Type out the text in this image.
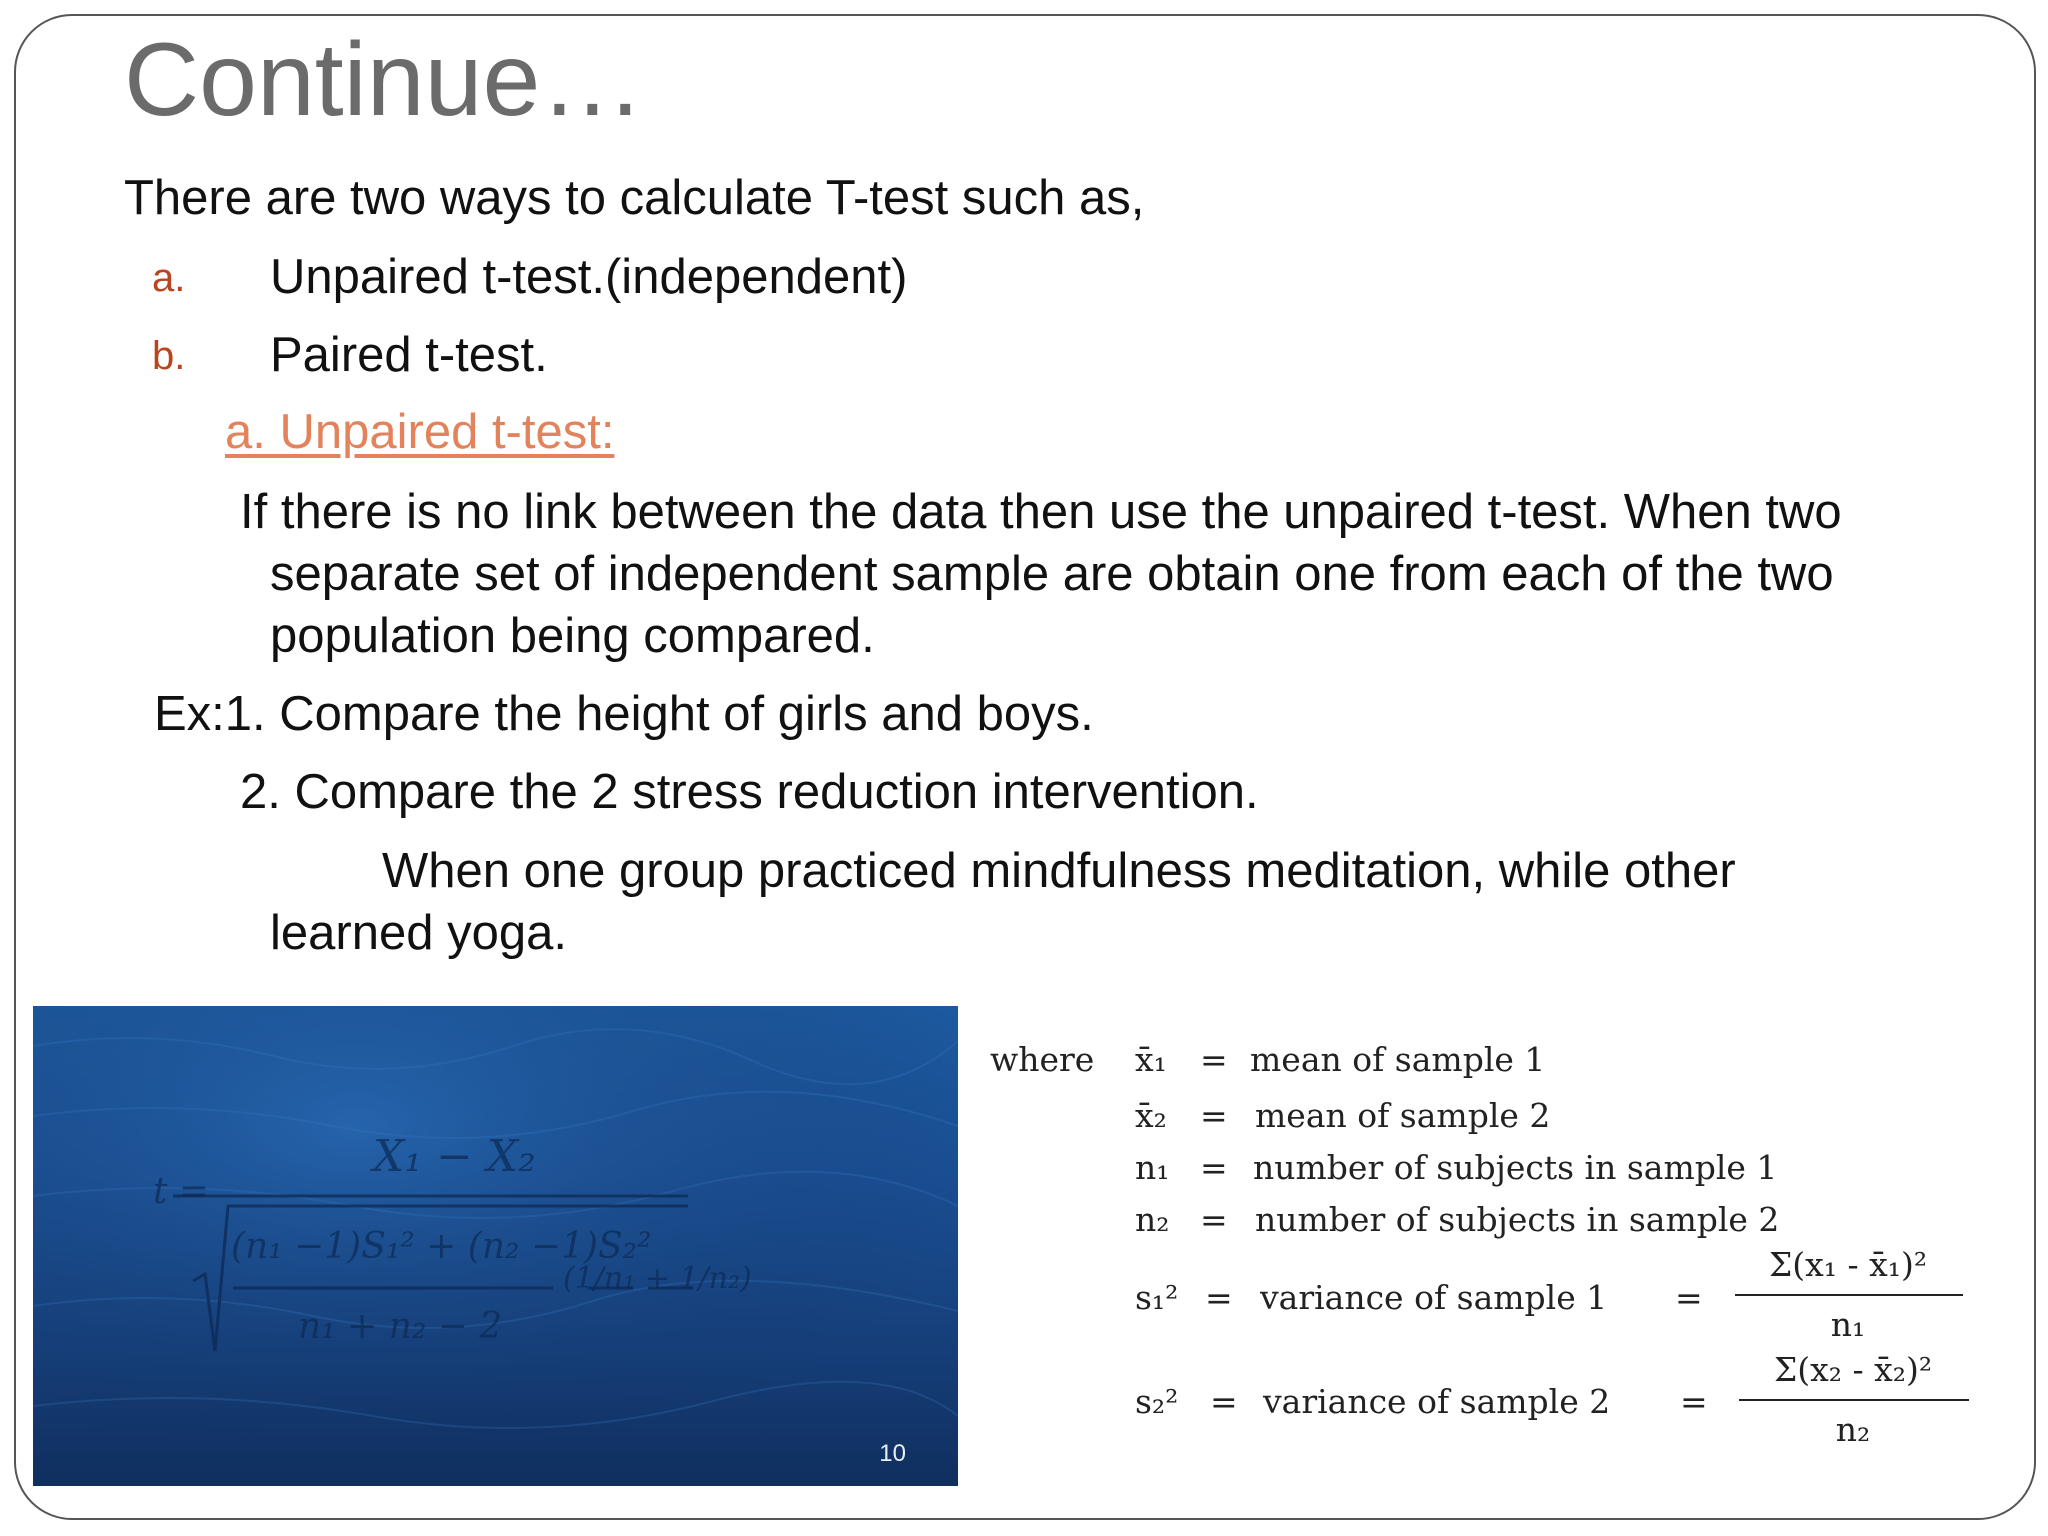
Continue…
There are two ways to calculate T-test such as,
a. Unpaired t-test.(independent)
b. Paired t-test.
a. Unpaired t-test:
If there is no link between the data then use the unpaired t-test. When two
separate set of independent sample are obtain one from each of the two
population being compared.
Ex:1. Compare the height of girls and boys.
2. Compare the 2 stress reduction intervention.
When one group practiced mindfulness meditation, while other
learned yoga.
t =
X₁ − X₂
(n₁ −1)S₁² + (n₂ −1)S₂²
n₁ + n₂ − 2
(1/n₁ + 1/n₂)
10
where x̄₁ = mean of sample 1
x̄₂ = mean of sample 2
n₁ = number of subjects in sample 1
n₂ = number of subjects in sample 2
s₁² = variance of sample 1 =
Σ(x₁ - x̄₁)²
n₁
s₂² = variance of sample 2 =
Σ(x₂ - x̄₂)²
n₂
